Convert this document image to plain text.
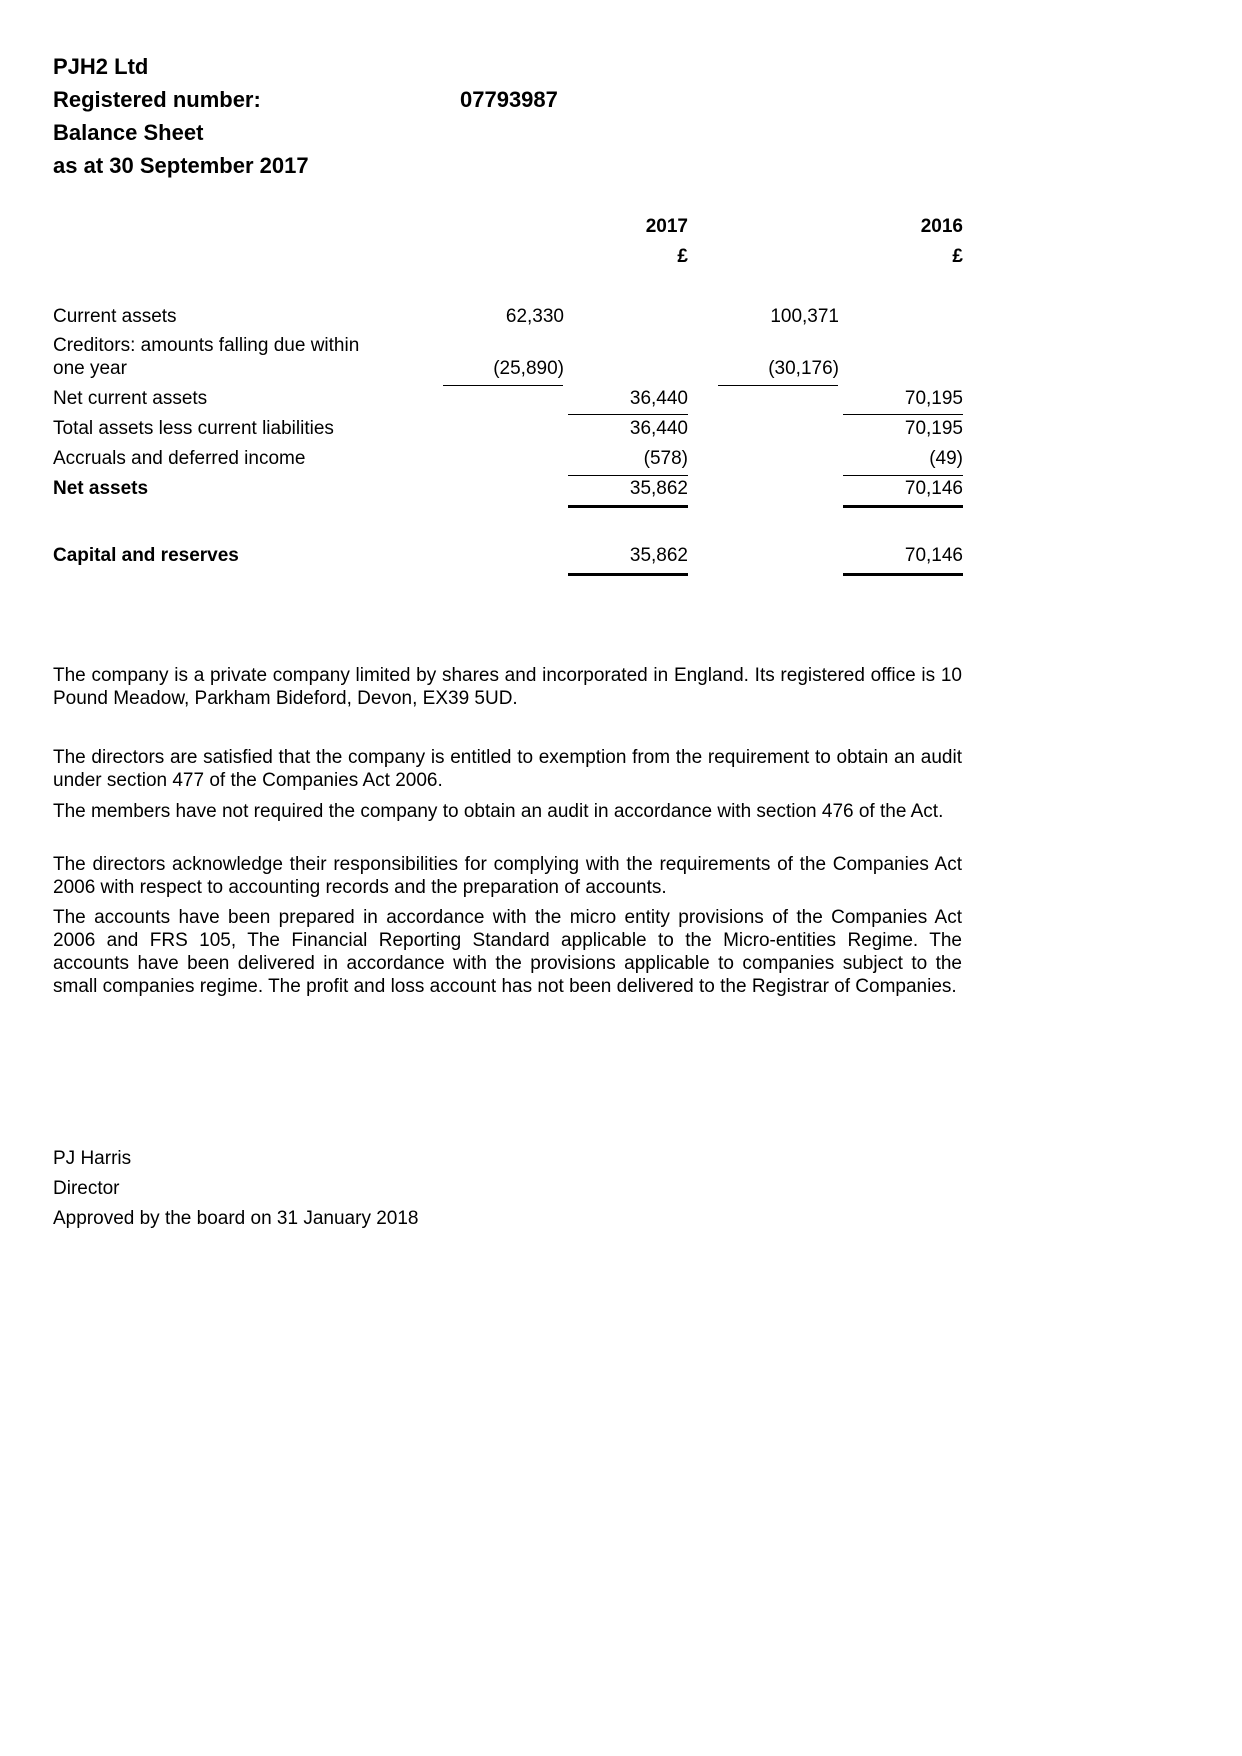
PJH2 Ltd
Registered number:	07793987
Balance Sheet
as at 30 September 2017
2017	2016
£	£
Current assets	62,330	100,371
Creditors: amounts falling due within
one year	(25,890)	(30,176)
Net current assets	36,440	70,195
Total assets less current liabilities	36,440	70,195
Accruals and deferred income	(578)	(49)
Net assets	35,862	70,146
Capital and reserves	35,862	70,146

The company is a private company limited by shares and incorporated in England. Its registered office is 10 Pound Meadow, Parkham Bideford, Devon, EX39 5UD.

The directors are satisfied that the company is entitled to exemption from the requirement to obtain an audit under section 477 of the Companies Act 2006.

The members have not required the company to obtain an audit in accordance with section 476 of the Act.

The directors acknowledge their responsibilities for complying with the requirements of the Companies Act 2006 with respect to accounting records and the preparation of accounts.

The accounts have been prepared in accordance with the micro entity provisions of the Companies Act 2006 and FRS 105, The Financial Reporting Standard applicable to the Micro-entities Regime. The accounts have been delivered in accordance with the provisions applicable to companies subject to the small companies regime. The profit and loss account has not been delivered to the Registrar of Companies.

PJ Harris
Director
Approved by the board on 31 January 2018
